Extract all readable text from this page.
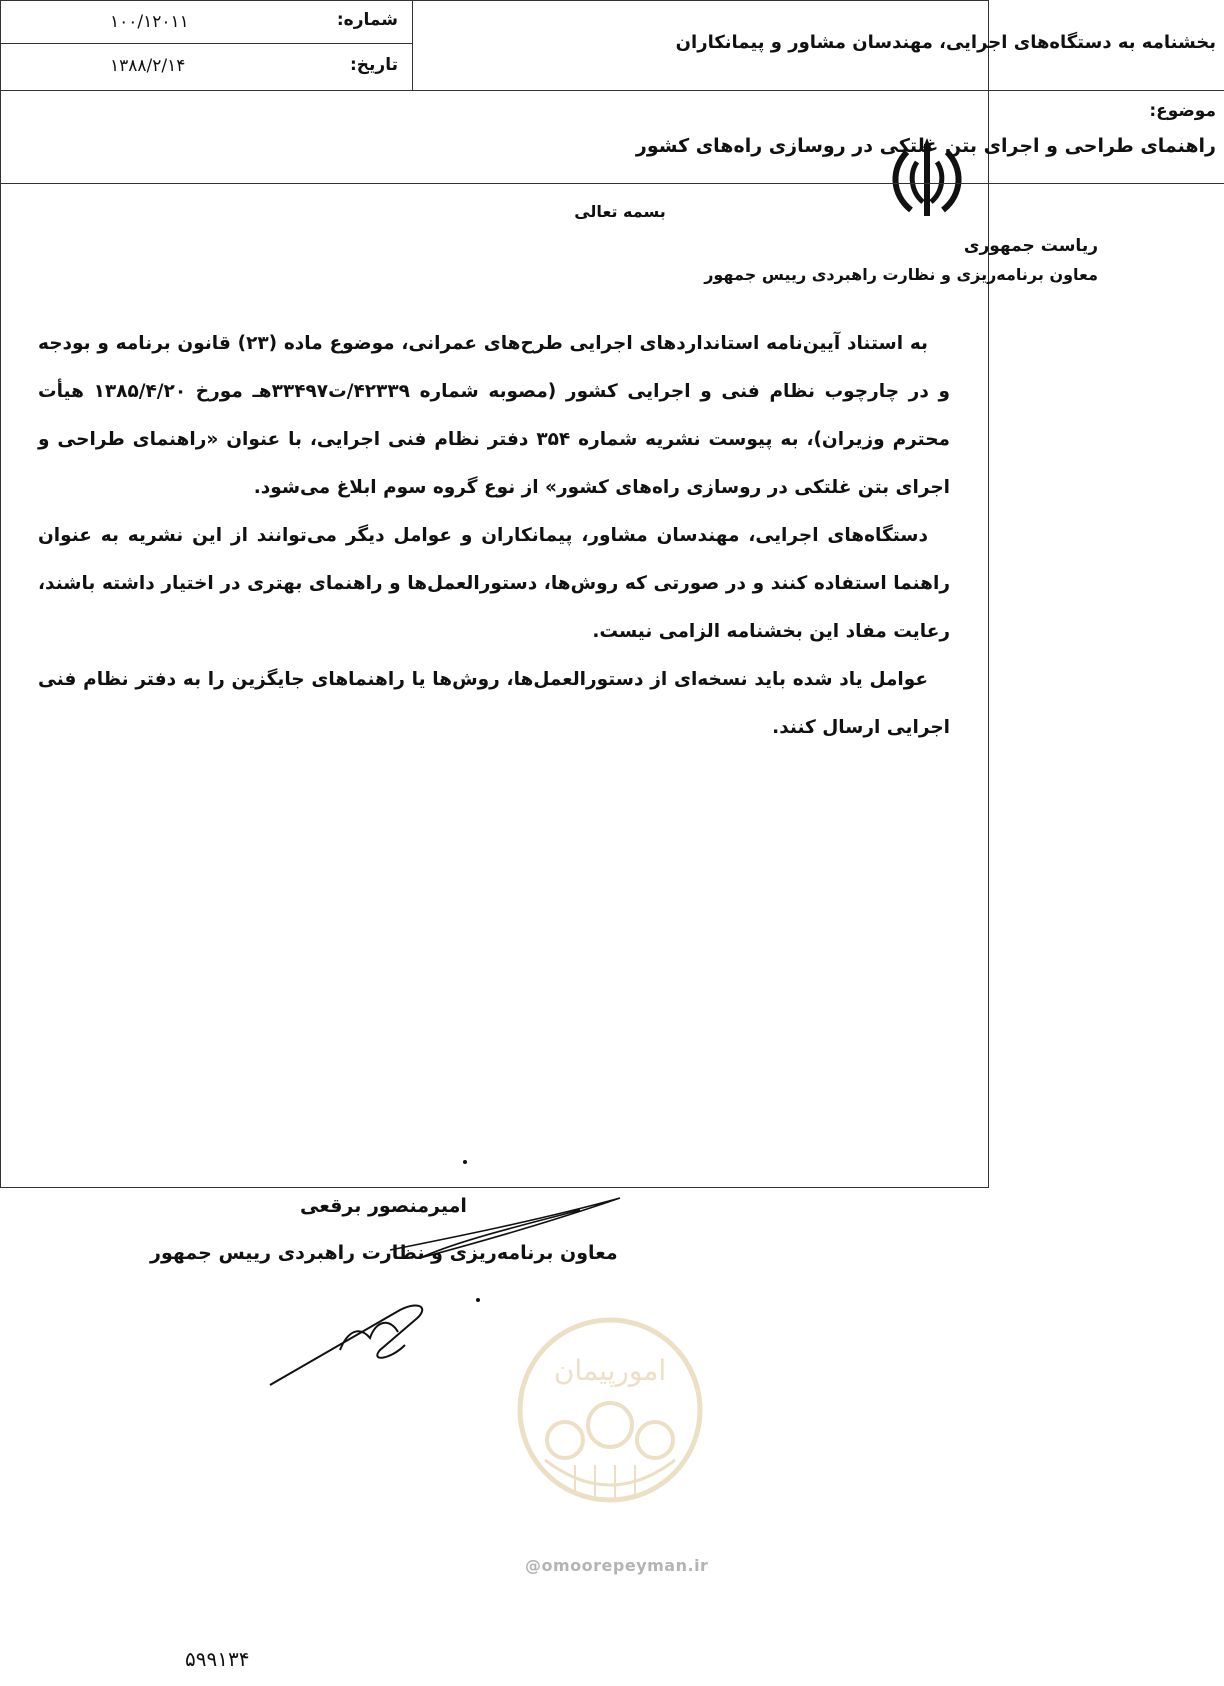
بسمه تعالی
ریاست جمهوری
معاون برنامه‌ریزی و نظارت راهبردی رییس جمهور
شماره:
۱۰۰/۱۲۰۱۱
تاریخ:
۱۳۸۸/۲/۱۴
بخشنامه به دستگاه‌های اجرایی، مهندسان مشاور و پیمانکاران
موضوع:
راهنمای طراحی و اجرای بتن غلتکی در روسازی راه‌های کشور

به استناد آیین‌نامه استانداردهای اجرایی طرح‌های عمرانی، موضوع ماده (۲۳) قانون برنامه و بودجه و در چارچوب نظام فنی و اجرایی کشور (مصوبه شماره ۴۲۳۳۹/ت۳۳۴۹۷هـ مورخ ۱۳۸۵/۴/۲۰ هیأت محترم وزیران)، به پیوست نشریه شماره ۳۵۴ دفتر نظام فنی اجرایی، با عنوان «راهنمای طراحی و اجرای بتن غلتکی در روسازی راه‌های کشور» از نوع گروه سوم ابلاغ می‌شود.

دستگاه‌های اجرایی، مهندسان مشاور، پیمانکاران و عوامل دیگر می‌توانند از این نشریه به عنوان راهنما استفاده کنند و در صورتی که روش‌ها، دستورالعمل‌ها و راهنمای بهتری در اختیار داشته باشند، رعایت مفاد این بخشنامه الزامی نیست.

عوامل یاد شده باید نسخه‌ای از دستورالعمل‌ها، روش‌ها یا راهنماهای جایگزین را به دفتر نظام فنی اجرایی ارسال کنند.

امیرمنصور برقعی
معاون برنامه‌ریزی و نظارت راهبردی رییس جمهور
امورپیمان
@omoorepeyman.ir
۵۹۹۱۳۴
